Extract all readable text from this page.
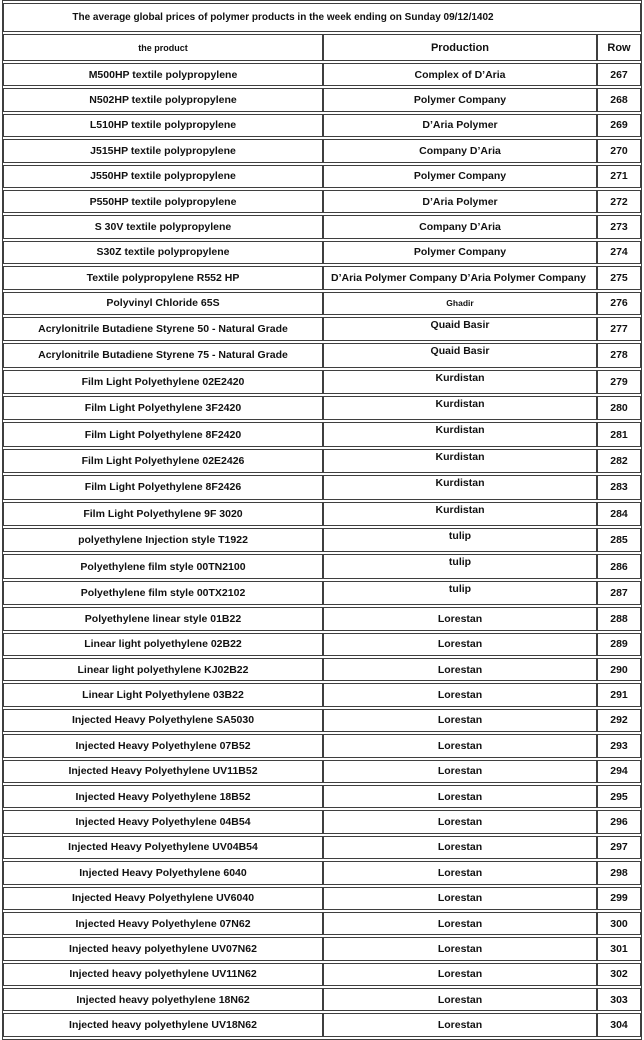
The average global prices of polymer products in the week ending on Sunday 09/12/1402		
the product	Production	Row
M500HP textile polypropylene	Complex of D’Aria	267
N502HP textile polypropylene	Polymer Company	268
L510HP textile polypropylene	D’Aria Polymer	269
J515HP textile polypropylene	Company D’Aria	270
J550HP textile polypropylene	Polymer Company	271
P550HP textile polypropylene	D’Aria Polymer	272
S 30V textile polypropylene	Company D’Aria	273
S30Z textile polypropylene	Polymer Company	274
Textile polypropylene R552 HP	D’Aria Polymer Company D’Aria Polymer Company	275
Polyvinyl Chloride 65S	Ghadir	276
Acrylonitrile Butadiene Styrene 50 - Natural Grade	Quaid Basir	277
Acrylonitrile Butadiene Styrene 75 - Natural Grade	Quaid Basir	278
Film Light Polyethylene 02E2420	Kurdistan	279
Film Light Polyethylene 3F2420	Kurdistan	280
Film Light Polyethylene 8F2420	Kurdistan	281
Film Light Polyethylene 02E2426	Kurdistan	282
Film Light Polyethylene 8F2426	Kurdistan	283
Film Light Polyethylene 9F 3020	Kurdistan	284
polyethylene Injection style T1922	tulip	285
Polyethylene film style 00TN2100	tulip	286
Polyethylene film style 00TX2102	tulip	287
Polyethylene linear style 01B22	Lorestan	288
Linear light polyethylene 02B22	Lorestan	289
Linear light polyethylene KJ02B22	Lorestan	290
Linear Light Polyethylene 03B22	Lorestan	291
Injected Heavy Polyethylene SA5030	Lorestan	292
Injected Heavy Polyethylene 07B52	Lorestan	293
Injected Heavy Polyethylene UV11B52	Lorestan	294
Injected Heavy Polyethylene 18B52	Lorestan	295
Injected Heavy Polyethylene 04B54	Lorestan	296
Injected Heavy Polyethylene UV04B54	Lorestan	297
Injected Heavy Polyethylene 6040	Lorestan	298
Injected Heavy Polyethylene UV6040	Lorestan	299
Injected Heavy Polyethylene 07N62	Lorestan	300
Injected heavy polyethylene UV07N62	Lorestan	301
Injected heavy polyethylene UV11N62	Lorestan	302
Injected heavy polyethylene 18N62	Lorestan	303
Injected heavy polyethylene UV18N62	Lorestan	304
